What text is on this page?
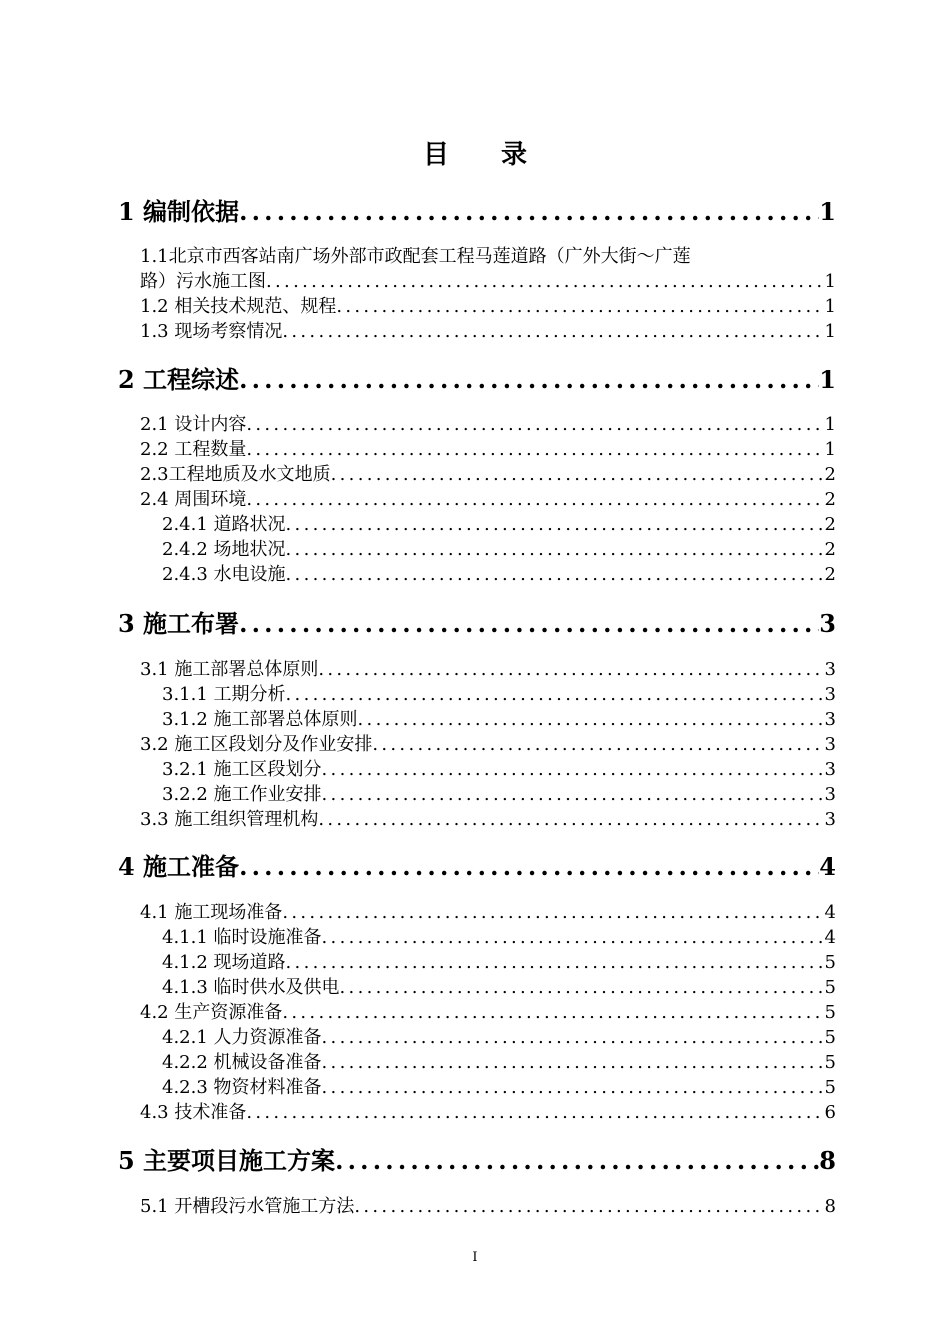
目 录
1 编制依据 .....	1
1.1北京市西客站南广场外部市政配套工程马莲道路（广外大街～广莲
路）污水施工图 .....	1
1.2 相关技术规范、规程 .....	1
1.3 现场考察情况 .....	1
2 工程综述 .....	1
2.1 设计内容 .....	1
2.2 工程数量 .....	1
2.3工程地质及水文地质 .....	2
2.4 周围环境 .....	2
2.4.1 道路状况 .....	2
2.4.2 场地状况 .....	2
2.4.3 水电设施 .....	2
3 施工布署 .....	3
3.1 施工部署总体原则 .....	3
3.1.1 工期分析 .....	3
3.1.2 施工部署总体原则 .....	3
3.2 施工区段划分及作业安排 .....	3
3.2.1 施工区段划分 .....	3
3.2.2 施工作业安排 .....	3
3.3 施工组织管理机构 .....	3
4 施工准备 .....	4
4.1 施工现场准备 .....	4
4.1.1 临时设施准备 .....	4
4.1.2 现场道路 .....	5
4.1.3 临时供水及供电 .....	5
4.2 生产资源准备 .....	5
4.2.1 人力资源准备 .....	5
4.2.2 机械设备准备 .....	5
4.2.3 物资材料准备 .....	5
4.3 技术准备 .....	6
5 主要项目施工方案 .....	8
5.1 开槽段污水管施工方法 .....	8
I
